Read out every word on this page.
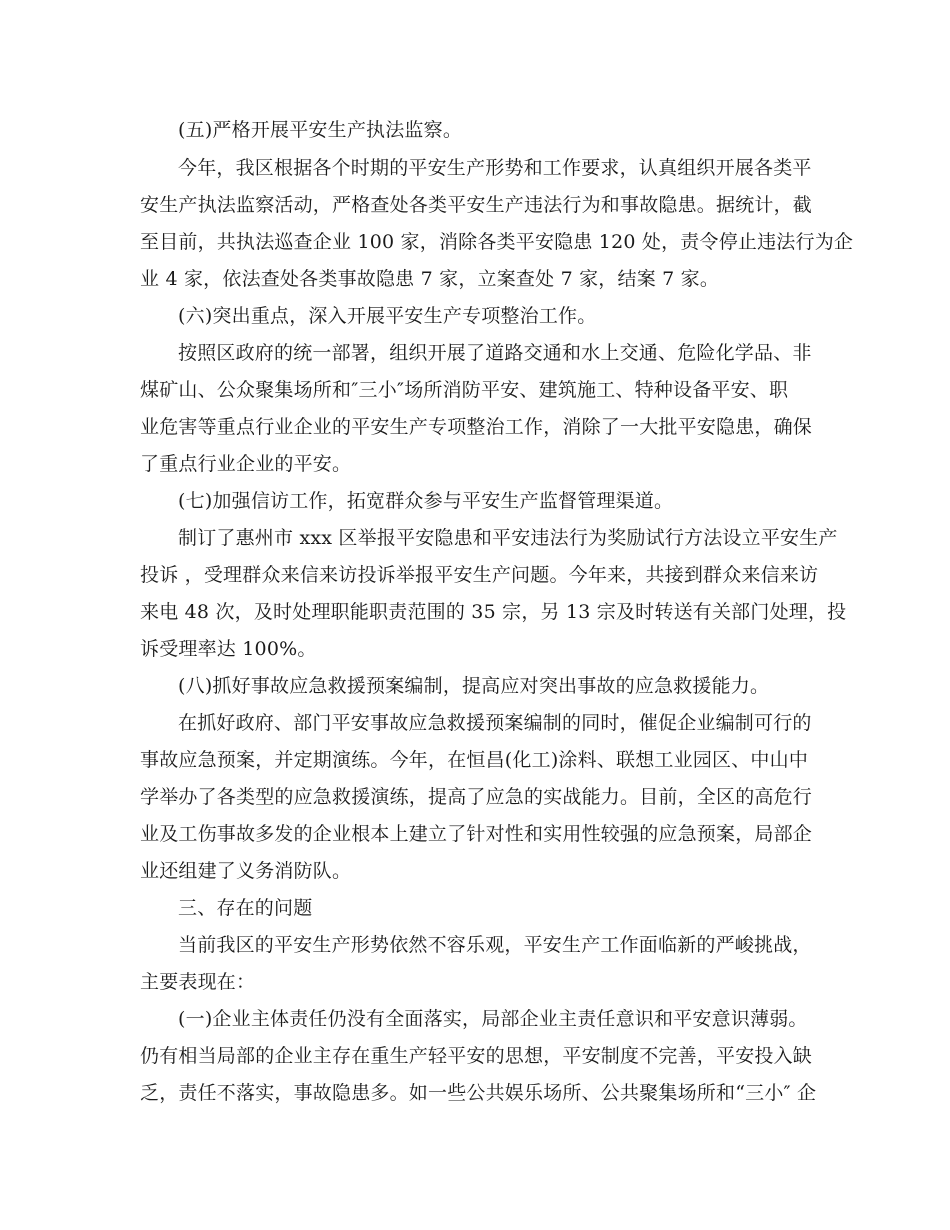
(五)严格开展平安生产执法监察。
今年，我区根据各个时期的平安生产形势和工作要求，认真组织开展各类平
安生产执法监察活动，严格查处各类平安生产违法行为和事故隐患。据统计，截
至目前，共执法巡查企业 100 家，消除各类平安隐患 120 处，责令停止违法行为企
业 4 家，依法查处各类事故隐患 7 家，立案查处 7 家，结案 7 家。
(六)突出重点，深入开展平安生产专项整治工作。
按照区政府的统一部署，组织开展了道路交通和水上交通、危险化学品、非
煤矿山、公众聚集场所和″三小″场所消防平安、建筑施工、特种设备平安、职
业危害等重点行业企业的平安生产专项整治工作，消除了一大批平安隐患，确保
了重点行业企业的平安。
(七)加强信访工作，拓宽群众参与平安生产监督管理渠道。
制订了惠州市 xxx 区举报平安隐患和平安违法行为奖励试行方法设立平安生产
投诉 ，受理群众来信来访投诉举报平安生产问题。今年来，共接到群众来信来访
来电 48 次，及时处理职能职责范围的 35 宗，另 13 宗及时转送有关部门处理，投
诉受理率达 100%。
(八)抓好事故应急救援预案编制，提高应对突出事故的应急救援能力。
在抓好政府、部门平安事故应急救援预案编制的同时，催促企业编制可行的
事故应急预案，并定期演练。今年，在恒昌(化工)涂料、联想工业园区、中山中
学举办了各类型的应急救援演练，提高了应急的实战能力。目前，全区的高危行
业及工伤事故多发的企业根本上建立了针对性和实用性较强的应急预案，局部企
业还组建了义务消防队。
三、存在的问题
当前我区的平安生产形势依然不容乐观，平安生产工作面临新的严峻挑战，
主要表现在：
(一)企业主体责任仍没有全面落实，局部企业主责任意识和平安意识薄弱。
仍有相当局部的企业主存在重生产轻平安的思想，平安制度不完善，平安投入缺
乏，责任不落实，事故隐患多。如一些公共娱乐场所、公共聚集场所和“三小″ 企
